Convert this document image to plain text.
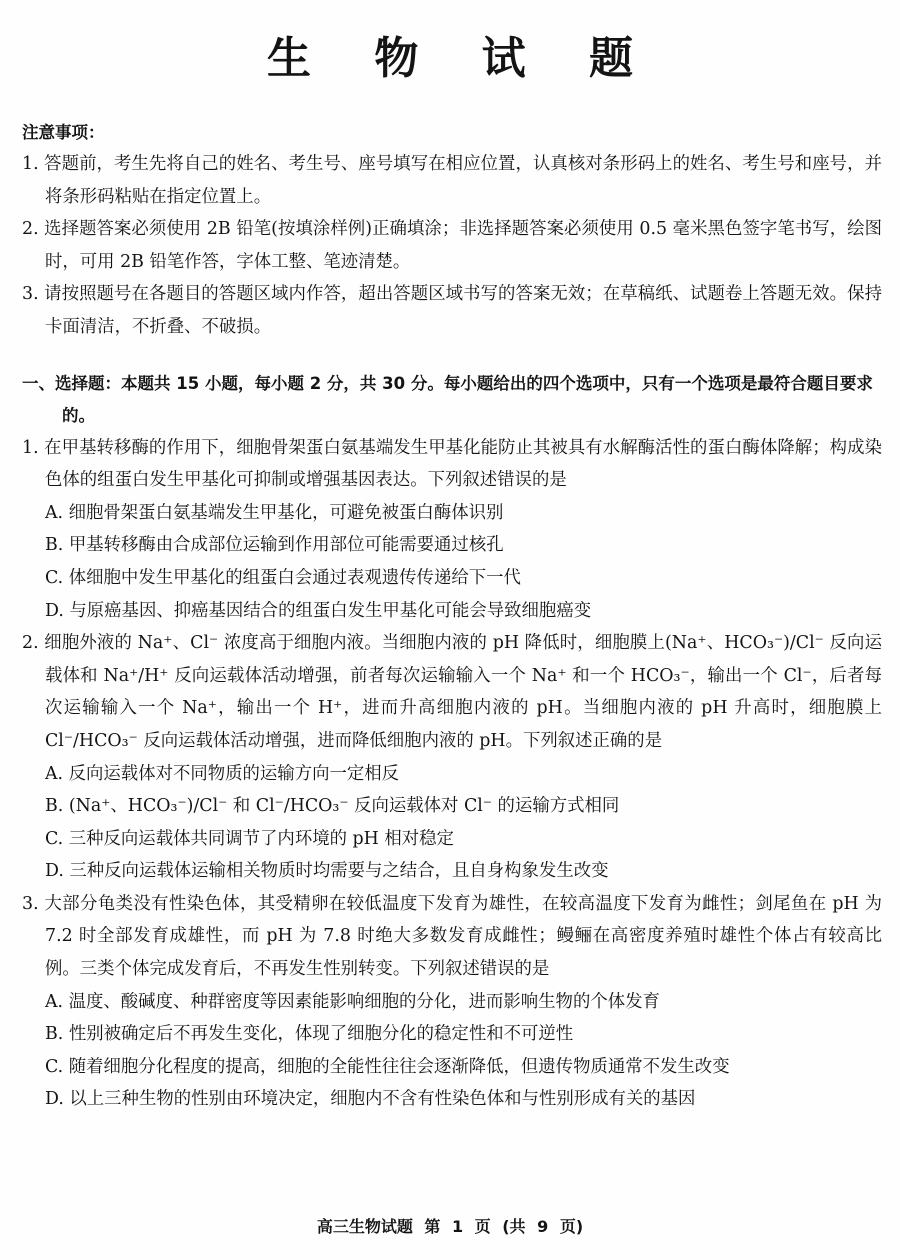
生 物 试 题
注意事项：
1. 答题前，考生先将自己的姓名、考生号、座号填写在相应位置，认真核对条形码上的姓名、考生号和座号，并将条形码粘贴在指定位置上。
2. 选择题答案必须使用 2B 铅笔(按填涂样例)正确填涂；非选择题答案必须使用 0.5 毫米黑色签字笔书写，绘图时，可用 2B 铅笔作答，字体工整、笔迹清楚。
3. 请按照题号在各题目的答题区域内作答，超出答题区域书写的答案无效；在草稿纸、试题卷上答题无效。保持卡面清洁，不折叠、不破损。
一、选择题：本题共 15 小题，每小题 2 分，共 30 分。每小题给出的四个选项中，只有一个选项是最符合题目要求的。
1. 在甲基转移酶的作用下，细胞骨架蛋白氨基端发生甲基化能防止其被具有水解酶活性的蛋白酶体降解；构成染色体的组蛋白发生甲基化可抑制或增强基因表达。下列叙述错误的是
A. 细胞骨架蛋白氨基端发生甲基化，可避免被蛋白酶体识别
B. 甲基转移酶由合成部位运输到作用部位可能需要通过核孔
C. 体细胞中发生甲基化的组蛋白会通过表观遗传传递给下一代
D. 与原癌基因、抑癌基因结合的组蛋白发生甲基化可能会导致细胞癌变
2. 细胞外液的 Na⁺、Cl⁻ 浓度高于细胞内液。当细胞内液的 pH 降低时，细胞膜上(Na⁺、HCO₃⁻)/Cl⁻ 反向运载体和 Na⁺/H⁺ 反向运载体活动增强，前者每次运输输入一个 Na⁺ 和一个 HCO₃⁻，输出一个 Cl⁻，后者每次运输输入一个 Na⁺，输出一个 H⁺，进而升高细胞内液的 pH。当细胞内液的 pH 升高时，细胞膜上 Cl⁻/HCO₃⁻ 反向运载体活动增强，进而降低细胞内液的 pH。下列叙述正确的是
A. 反向运载体对不同物质的运输方向一定相反
B. (Na⁺、HCO₃⁻)/Cl⁻ 和 Cl⁻/HCO₃⁻ 反向运载体对 Cl⁻ 的运输方式相同
C. 三种反向运载体共同调节了内环境的 pH 相对稳定
D. 三种反向运载体运输相关物质时均需要与之结合，且自身构象发生改变
3. 大部分龟类没有性染色体，其受精卵在较低温度下发育为雄性，在较高温度下发育为雌性；剑尾鱼在 pH 为 7.2 时全部发育成雄性，而 pH 为 7.8 时绝大多数发育成雌性；鳗鲡在高密度养殖时雄性个体占有较高比例。三类个体完成发育后，不再发生性别转变。下列叙述错误的是
A. 温度、酸碱度、种群密度等因素能影响细胞的分化，进而影响生物的个体发育
B. 性别被确定后不再发生变化，体现了细胞分化的稳定性和不可逆性
C. 随着细胞分化程度的提高，细胞的全能性往往会逐渐降低，但遗传物质通常不发生改变
D. 以上三种生物的性别由环境决定，细胞内不含有性染色体和与性别形成有关的基因
高三生物试题 第 1 页 (共 9 页)
